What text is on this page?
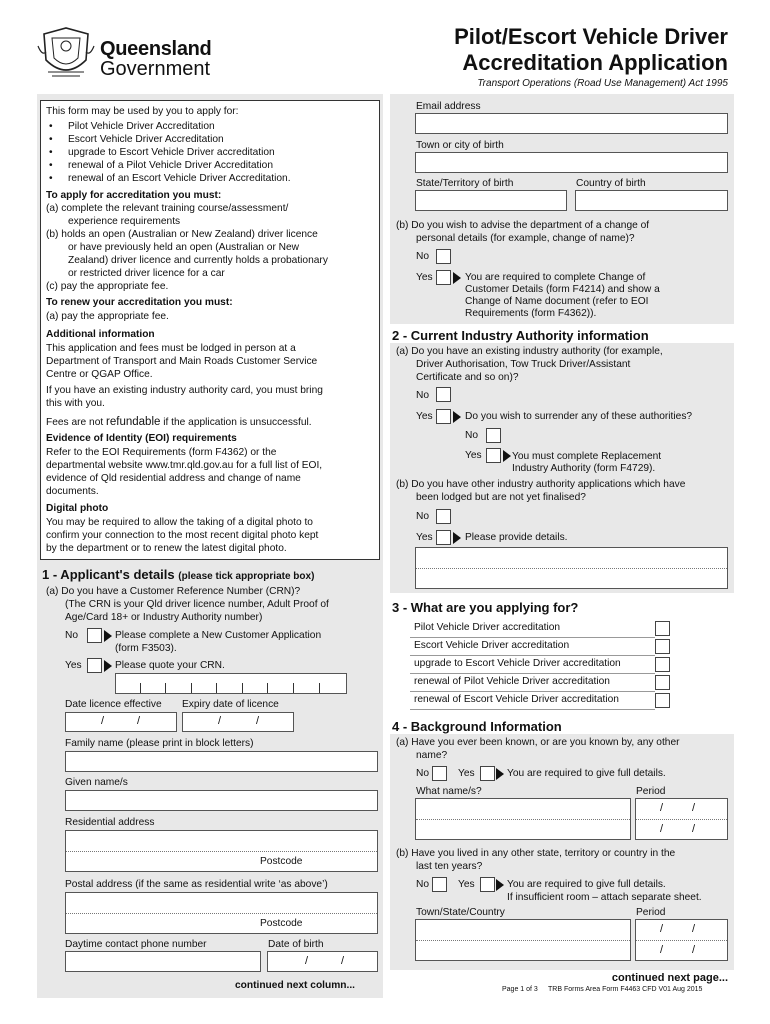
Queensland
Government
Pilot/Escort Vehicle Driver
Accreditation Application
Transport Operations (Road Use Management) Act 1995
This form may be used by you to apply for:
• Pilot Vehicle Driver Accreditation
• Escort Vehicle Driver Accreditation
• upgrade to Escort Vehicle Driver accreditation
• renewal of a Pilot Vehicle Driver Accreditation
• renewal of an Escort Vehicle Driver Accreditation.
To apply for accreditation you must:
(a) complete the relevant training course/assessment/
experience requirements
(b) holds an open (Australian or New Zealand) driver licence
or have previously held an open (Australian or New
Zealand) driver licence and currently holds a probationary
or restricted driver licence for a car
(c) pay the appropriate fee.
To renew your accreditation you must:
(a) pay the appropriate fee.
Additional information
This application and fees must be lodged in person at a
Department of Transport and Main Roads Customer Service
Centre or QGAP Office.
If you have an existing industry authority card, you must bring
this with you.
Fees are not refundable if the application is unsuccessful.
Evidence of Identity (EOI) requirements
Refer to the EOI Requirements (form F4362) or the
departmental website www.tmr.qld.gov.au for a full list of EOI,
evidence of Qld residential address and change of name
documents.
Digital photo
You may be required to allow the taking of a digital photo to
confirm your connection to the most recent digital photo kept
by the department or to renew the latest digital photo.
1 - Applicant's details (please tick appropriate box)
(a) Do you have a Customer Reference Number (CRN)?
(The CRN is your Qld driver licence number, Adult Proof of
Age/Card 18+ or Industry Authority number)
No	Please complete a New Customer Application
(form F3503).
Yes	Please quote your CRN.
Date licence effective Expiry date of licence
/	/	/	/
Family name (please print in block letters)
Given name/s
Residential address
Postcode
Postal address (if the same as residential write ‘as above’)
Postcode
Daytime contact phone number	Date of birth
/	/
continued next column...
Email address
Town or city of birth
State/Territory of birth	Country of birth
(b) Do you wish to advise the department of a change of
personal details (for example, change of name)?
No
Yes	You are required to complete Change of
Customer Details (form F4214) and show a
Change of Name document (refer to EOI
Requirements (form F4362)).
2 - Current Industry Authority information
(a) Do you have an existing industry authority (for example,
Driver Authorisation, Tow Truck Driver/Assistant
Certificate and so on)?
No
Yes	Do you wish to surrender any of these authorities?
No
Yes	You must complete Replacement
Industry Authority (form F4729).
(b) Do you have other industry authority applications which have
been lodged but are not yet finalised?
No
Yes	Please provide details.
3 - What are you applying for?
Pilot Vehicle Driver accreditation
Escort Vehicle Driver accreditation
upgrade to Escort Vehicle Driver accreditation
renewal of Pilot Vehicle Driver accreditation
renewal of Escort Vehicle Driver accreditation
4 - Background Information
(a) Have you ever been known, or are you known by, any other
name?
No	Yes	You are required to give full details.
What name/s?	Period
/	/
/	/
(b) Have you lived in any other state, territory or country in the
last ten years?
No	Yes	You are required to give full details.
If insufficient room – attach separate sheet.
Town/State/Country	Period
/	/
/	/
continued next page...
Page 1 of 3 TRB Forms Area Form F4463 CFD V01 Aug 2015
